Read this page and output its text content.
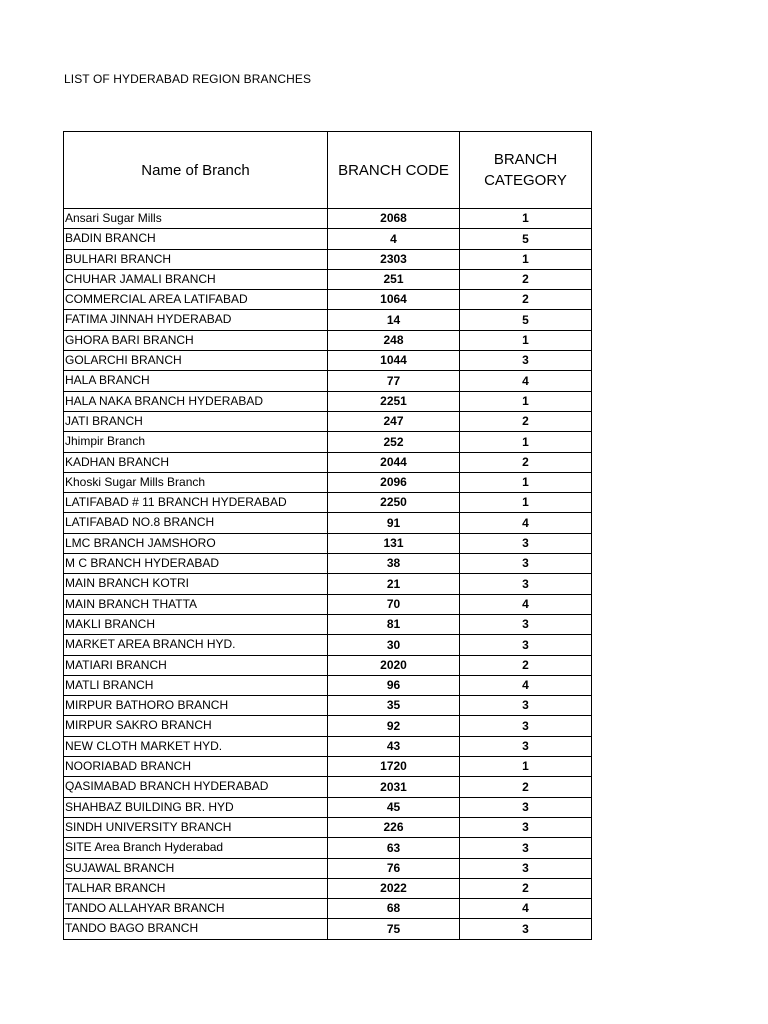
LIST OF HYDERABAD REGION BRANCHES
Name of Branch	BRANCH CODE	BRANCH
CATEGORY

Ansari Sugar Mills	2068	1
BADIN BRANCH	4	5
BULHARI BRANCH	2303	1
CHUHAR JAMALI BRANCH	251	2
COMMERCIAL AREA LATIFABAD	1064	2
FATIMA JINNAH HYDERABAD	14	5
GHORA BARI BRANCH	248	1
GOLARCHI BRANCH	1044	3
HALA BRANCH	77	4
HALA NAKA BRANCH HYDERABAD	2251	1
JATI BRANCH	247	2
Jhimpir Branch	252	1
KADHAN BRANCH	2044	2
Khoski Sugar Mills Branch	2096	1
LATIFABAD # 11 BRANCH HYDERABAD	2250	1
LATIFABAD NO.8 BRANCH	91	4
LMC BRANCH JAMSHORO	131	3
M C BRANCH HYDERABAD	38	3
MAIN BRANCH KOTRI	21	3
MAIN BRANCH THATTA	70	4
MAKLI BRANCH	81	3
MARKET AREA BRANCH HYD.	30	3
MATIARI BRANCH	2020	2
MATLI BRANCH	96	4
MIRPUR BATHORO BRANCH	35	3
MIRPUR SAKRO BRANCH	92	3
NEW CLOTH MARKET HYD.	43	3
NOORIABAD BRANCH	1720	1
QASIMABAD BRANCH HYDERABAD	2031	2
SHAHBAZ BUILDING BR. HYD	45	3
SINDH UNIVERSITY BRANCH	226	3
SITE Area Branch Hyderabad	63	3
SUJAWAL BRANCH	76	3
TALHAR BRANCH	2022	2
TANDO ALLAHYAR BRANCH	68	4
TANDO BAGO BRANCH	75	3
